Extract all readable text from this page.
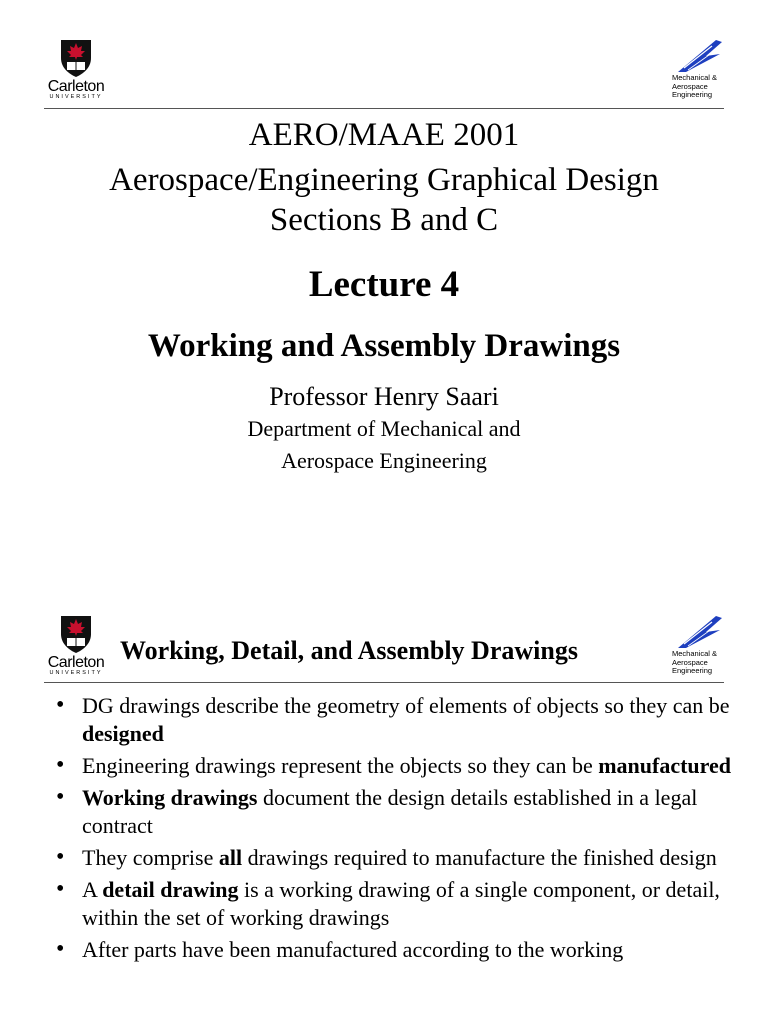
Carleton
UNIVERSITY
Mechanical &
Aerospace
Engineering
AERO/MAAE 2001
Aerospace/Engineering Graphical Design
Sections B and C
Lecture 4
Working and Assembly Drawings
Professor Henry Saari
Department of Mechanical and
Aerospace Engineering
Carleton
UNIVERSITY
Working, Detail, and Assembly Drawings	Mechanical &
Aerospace
Engineering
• DG drawings describe the geometry of elements of objects so they can be designed
• Engineering drawings represent the objects so they can be manufactured
• Working drawings document the design details established in a legal contract
• They comprise all drawings required to manufacture the finished design
• A detail drawing is a working drawing of a single component, or detail, within the set of working drawings
• After parts have been manufactured according to the working
